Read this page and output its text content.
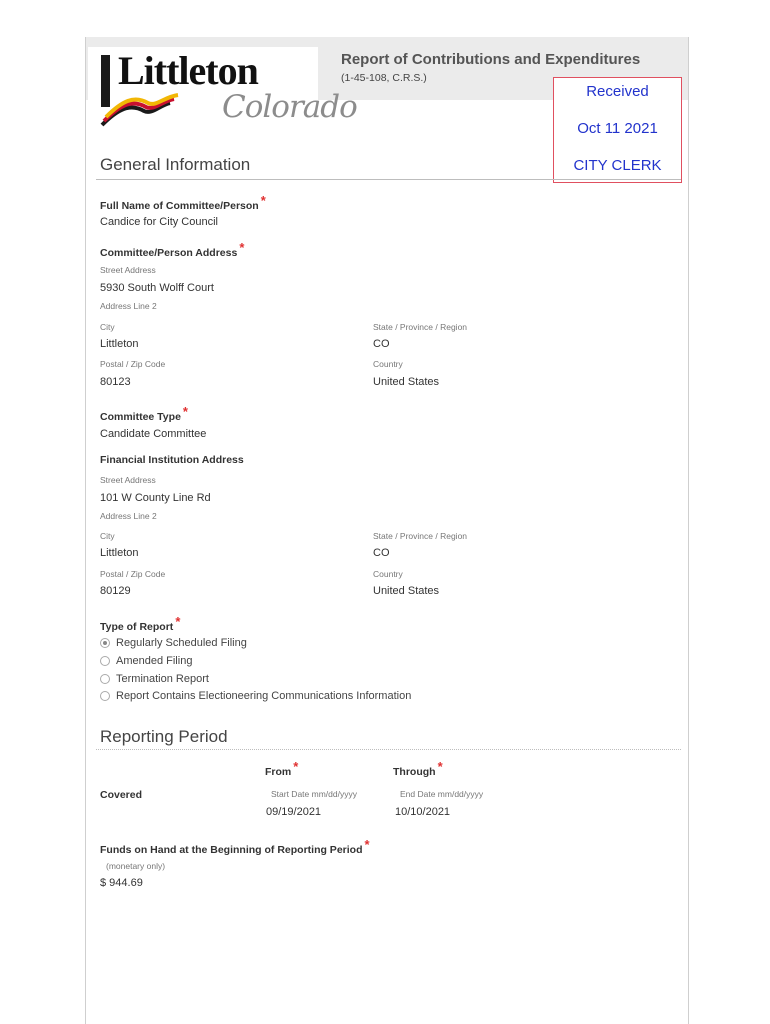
Littleton
Colorado
Report of Contributions and Expenditures
(1-45-108, C.R.S.)
Received
Oct 11 2021
CITY CLERK
General Information
Full Name of Committee/Person *
Candice for City Council
Committee/Person Address *
Street Address
5930 South Wolff Court
Address Line 2
City	State / Province / Region
Littleton	CO
Postal / Zip Code	Country
80123	United States
Committee Type *
Candidate Committee
Financial Institution Address
Street Address
101 W County Line Rd
Address Line 2
City	State / Province / Region
Littleton	CO
Postal / Zip Code	Country
80129	United States
Type of Report *
Regularly Scheduled Filing
Amended Filing
Termination Report
Report Contains Electioneering Communications Information
Reporting Period
From *	Through *
Covered	Start Date mm/dd/yyyy	End Date mm/dd/yyyy
09/19/2021	10/10/2021
Funds on Hand at the Beginning of Reporting Period *
(monetary only)
$ 944.69
